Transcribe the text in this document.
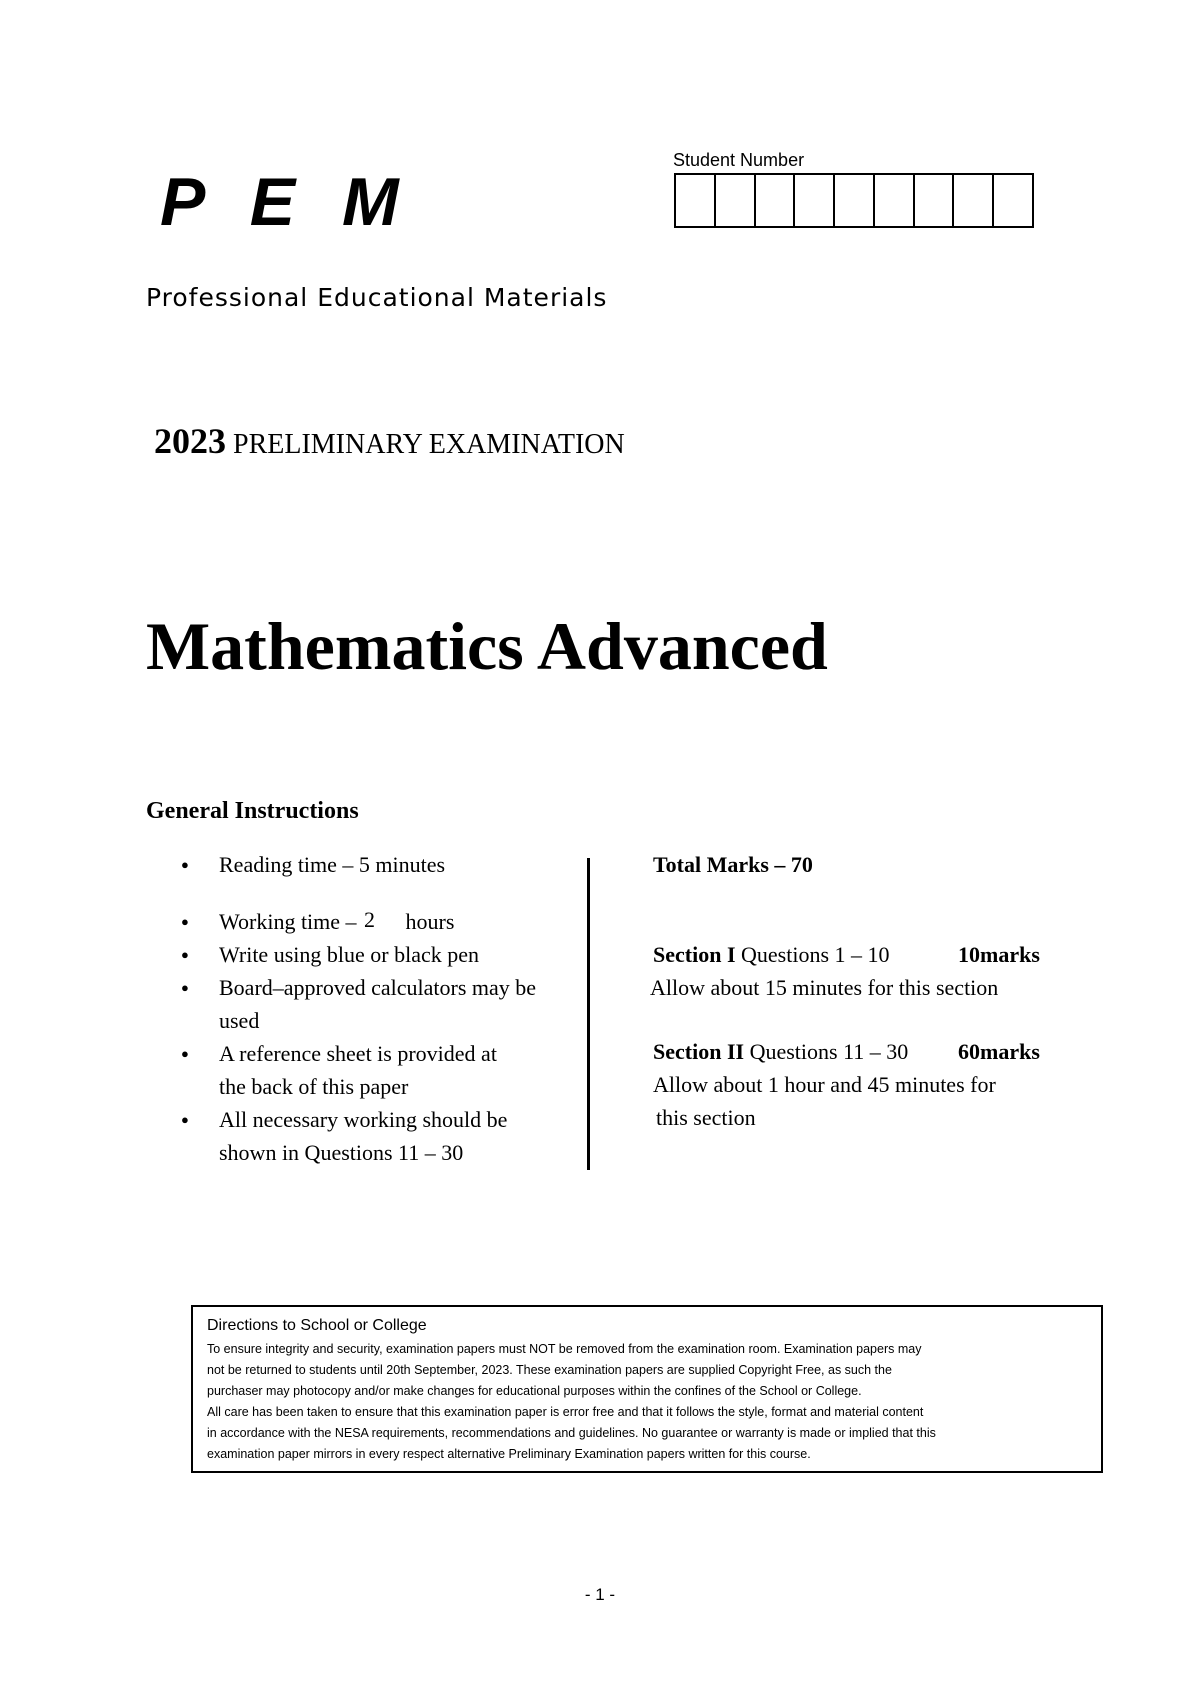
P E M
Professional Educational Materials
Student Number
2023 PRELIMINARY EXAMINATION
Mathematics Advanced
General Instructions
● Reading time – 5 minutes
● Working time – 2 hours
● Write using blue or black pen
● Board–approved calculators may be
used
● A reference sheet is provided at
the back of this paper
● All necessary working should be
shown in Questions 11 – 30
Total Marks – 70
Section I Questions 1 – 10	10marks
Allow about 15 minutes for this section
Section II Questions 11 – 30 60marks
Allow about 1 hour and 45 minutes for
this section
Directions to School or College
To ensure integrity and security, examination papers must NOT be removed from the examination room. Examination papers may
not be returned to students until 20th September, 2023. These examination papers are supplied Copyright Free, as such the
purchaser may photocopy and/or make changes for educational purposes within the confines of the School or College.
All care has been taken to ensure that this examination paper is error free and that it follows the style, format and material content
in accordance with the NESA requirements, recommendations and guidelines. No guarantee or warranty is made or implied that this
examination paper mirrors in every respect alternative Preliminary Examination papers written for this course.
- 1 -
